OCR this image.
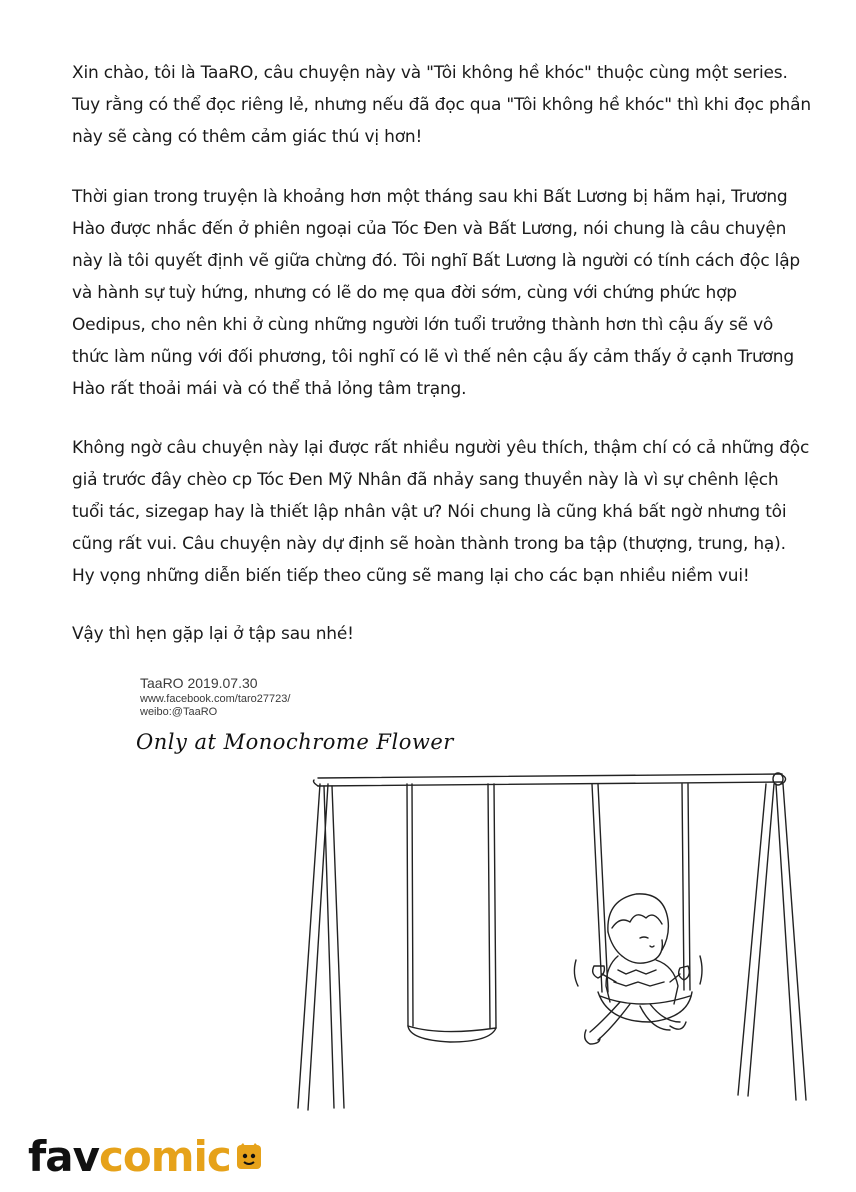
Xin chào, tôi là TaaRO, câu chuyện này và "Tôi không hề khóc" thuộc cùng một series. Tuy rằng có thể đọc riêng lẻ, nhưng nếu đã đọc qua "Tôi không hề khóc" thì khi đọc phần này sẽ càng có thêm cảm giác thú vị hơn!

Thời gian trong truyện là khoảng hơn một tháng sau khi Bất Lương bị hãm hại, Trương Hào được nhắc đến ở phiên ngoại của Tóc Đen và Bất Lương, nói chung là câu chuyện này là tôi quyết định vẽ giữa chừng đó. Tôi nghĩ Bất Lương là người có tính cách độc lập và hành sự tuỳ hứng, nhưng có lẽ do mẹ qua đời sớm, cùng với chứng phức hợp Oedipus, cho nên khi ở cùng những người lớn tuổi trưởng thành hơn thì cậu ấy sẽ vô thức làm nũng với đối phương, tôi nghĩ có lẽ vì thế nên cậu ấy cảm thấy ở cạnh Trương Hào rất thoải mái và có thể thả lỏng tâm trạng.

Không ngờ câu chuyện này lại được rất nhiều người yêu thích, thậm chí có cả những độc giả trước đây chèo cp Tóc Đen Mỹ Nhân đã nhảy sang thuyền này là vì sự chênh lệch tuổi tác, sizegap hay là thiết lập nhân vật ư? Nói chung là cũng khá bất ngờ nhưng tôi cũng rất vui. Câu chuyện này dự định sẽ hoàn thành trong ba tập (thượng, trung, hạ). Hy vọng những diễn biến tiếp theo cũng sẽ mang lại cho các bạn nhiều niềm vui!

Vậy thì hẹn gặp lại ở tập sau nhé!

TaaRO 2019.07.30
www.facebook.com/taro27723/
weibo:@TaaRO
Only at Monochrome Flower
fav comic
